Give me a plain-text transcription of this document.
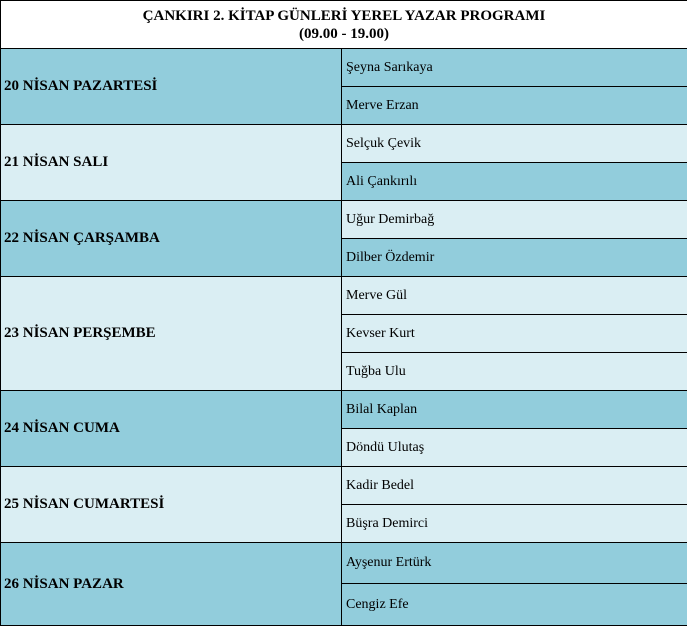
ÇANKIRI 2. KİTAP GÜNLERİ YEREL YAZAR PROGRAMI
(09.00 - 19.00)	

20 NİSAN PAZARTESİ	Şeyna Sarıkaya
	Merve Erzan
21 NİSAN SALI	Selçuk Çevik
	Ali Çankırılı
22 NİSAN ÇARŞAMBA	Uğur Demirbağ
	Dilber Özdemir
23 NİSAN PERŞEMBE	Merve Gül
	Kevser Kurt
	Tuğba Ulu
24 NİSAN CUMA	Bilal Kaplan
	Döndü Ulutaş
25 NİSAN CUMARTESİ	Kadir Bedel
	Büşra Demirci
26 NİSAN PAZAR	Ayşenur Ertürk
	Cengiz Efe
